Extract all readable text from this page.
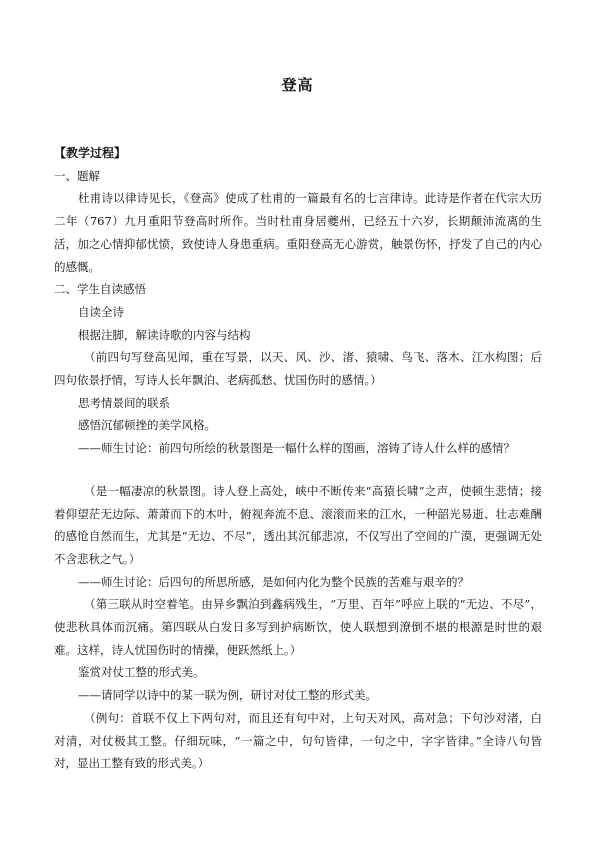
登高

【教学过程】

一、题解

杜甫诗以律诗见长，《登高》使成了杜甫的一篇最有名的七言律诗。此诗是作者在代宗大历二年（767）九月重阳节登高时所作。当时杜甫身居夔州，已经五十六岁，长期颠沛流离的生活，加之心情抑郁忧愤，致使诗人身患重病。重阳登高无心游赏，触景伤怀，抒发了自己的内心的感慨。

二、学生自读感悟

自读全诗

根据注脚，解读诗歌的内容与结构

（前四句写登高见闻，重在写景，以天、风、沙、渚、猿啸、鸟飞、落木、江水构图；后四句依景抒情，写诗人长年飘泊、老病孤愁、忧国伤时的感情。）

思考情景间的联系

感悟沉郁顿挫的美学风格。

——师生讨论：前四句所绘的秋景图是一幅什么样的图画，溶铸了诗人什么样的感情？

（是一幅凄凉的秋景图。诗人登上高处，峡中不断传来“高猿长啸”之声，使顿生悲情；接着仰望茫无边际、萧萧而下的木叶，俯视奔流不息、滚滚而来的江水，一种韶光易逝、壮志难酬的感怆自然而生，尤其是“无边、不尽”，透出其沉郁悲凉，不仅写出了空间的广漠，更强调无处不含悲秋之气。）

——师生讨论：后四句的所思所感，是如何内化为整个民族的苦难与艰辛的？

（第三联从时空着笔。由异乡飘泊到鑫病残生，“万里、百年”呼应上联的“无边、不尽”，使悲秋具体而沉痛。第四联从白发日多写到护病断饮，使人联想到潦倒不堪的根源是时世的艰难。这样，诗人忧国伤时的情操，便跃然纸上。）

鉴赏对仗工整的形式美。

——请同学以诗中的某一联为例，研讨对仗工整的形式美。

（例句：首联不仅上下两句对，而且还有句中对，上句天对风，高对急；下句沙对渚，白对清，对仗极其工整。仔细玩味，“一篇之中，句句皆律，一句之中，字字皆律。”全诗八句皆对，显出工整有致的形式美。）
